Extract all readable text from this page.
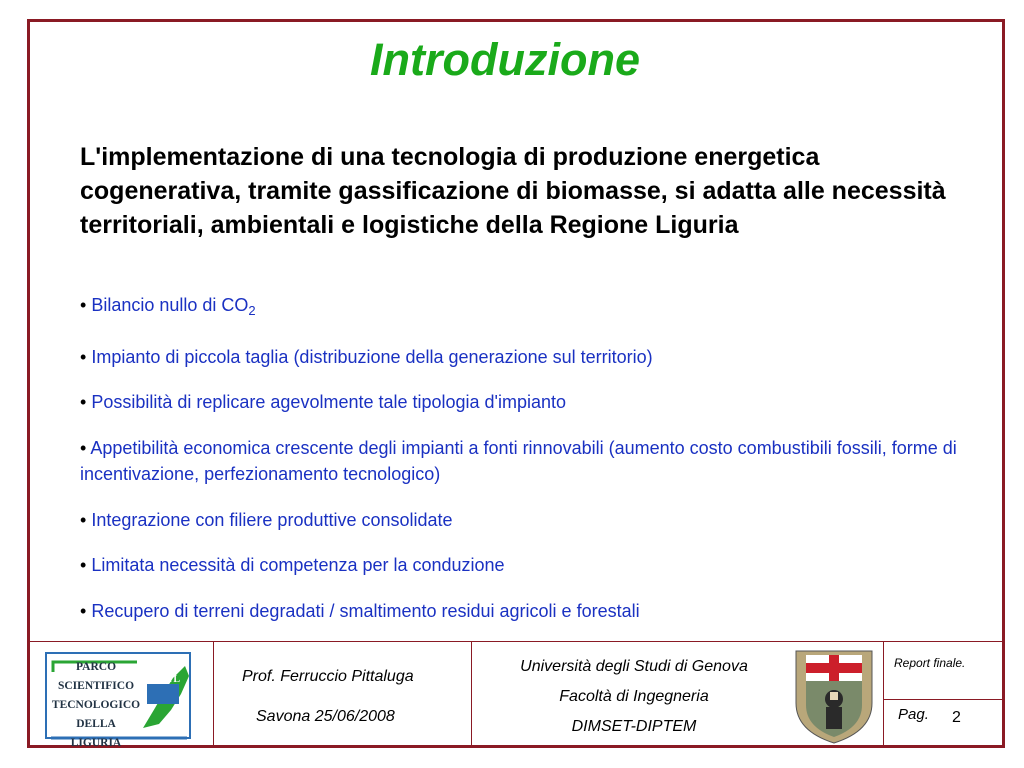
Introduzione

L'implementazione di una tecnologia di produzione energetica cogenerativa, tramite gassificazione di biomasse, si adatta alle necessità territoriali, ambientali e logistiche della Regione Liguria

• Bilancio nullo di $CO_2$
• Impianto di piccola taglia (distribuzione della generazione sul territorio)
• Possibilità di replicare agevolmente tale tipologia d'impianto
• Appetibilità economica crescente degli impianti a fonti rinnovabili (aumento costo combustibili fossili, forme di incentivazione, perfezionamento tecnologico)
• Integrazione con filiere produttive consolidate
• Limitata necessità di competenza per la conduzione
• Recupero di terreni degradati / smaltimento residui agricoli e forestali
PARCO
SCIENTIFICO
TECNOLOGICO
DELLA LIGURIA
PSTL	Prof. Ferruccio Pittaluga
Savona 25/06/2008
Università degli Studi di Genova
Facoltà di Ingegneria
DIMSET-DIPTEM
Report finale.
Pag. 2
